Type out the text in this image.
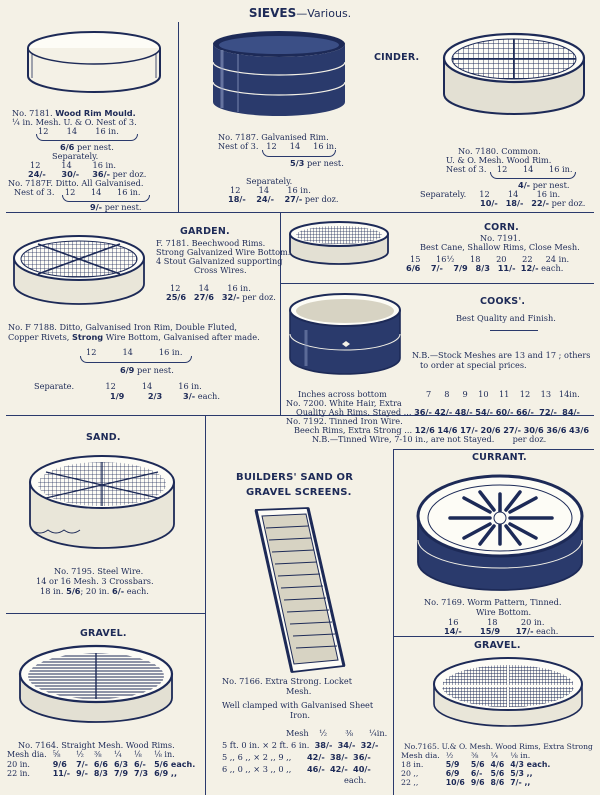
SIEVES—Various.
No. 7181. Wood Rim Mould.
¼ in. Mesh. U. & O. Nest of 3.
12 14 16 in.
6/6 per nest.
Separately.
12	14	16 in.
24/- 30/- 36/- per doz.
No. 7187F. Ditto. All Galvanised.
Nest of 3. 12 14 16 in.
9/- per nest.
No. 7187. Galvanised Rim.
Nest of 3. 12 14 16 in.
5/3 per nest.
Separately.
12 14 16 in.
18/- 24/- 27/- per doz.
CINDER.
No. 7180. Common.
U. & O. Mesh. Wood Rim.
Nest of 3. 12 14 16 in.
4/- per nest.
Separately. 12 14 16 in.
10/- 18/- 22/- per doz.
GARDEN.
F. 7181. Beechwood Rims.
Strong Galvanized Wire Bottom.
4 Stout Galvanized supporting
Cross Wires.
12 14 16 in.
25/6 27/6 32/- per doz.
No. F 7188. Ditto, Galvanised Iron Rim, Double Fluted,
Copper Rivets, Strong Wire Bottom, Galvanised after made.
12	14	16 in.
6/9 per nest.
Separate.	12	14	16 in.
1/9	2/3	3/- each.
CORN.
No. 7191.
Best Cane, Shallow Rims, Close Mesh.
15 16½ 18 20 22 24 in.
6/6 7/- 7/9 8/3 11/- 12/- each.
COOKS'.
Best Quality and Finish.
N.B.—Stock Meshes are 13 and 17 ; others
to order at special prices.
Inches across bottom	7 8 9 10 11 12 13 14in.
No. 7200. White Hair, Extra
Quality Ash Rims, Stayed ... 36/- 42/- 48/- 54/- 60/- 66/- 72/- 84/-
No. 7192. Tinned Iron Wire.
Beech Rims, Extra Strong ... 12/6 14/6 17/- 20/6 27/- 30/6 36/6 43/6
N.B.—Tinned Wire, 7-10 in., are not Stayed. per doz.
SAND.
No. 7195. Steel Wire.
14 or 16 Mesh. 3 Crossbars.
18 in. 5/6; 20 in. 6/- each.
GRAVEL.
No. 7164. Straight Mesh. Wood Rims.
Mesh dia.	⅝	½	⅜	¼	⅛	⅛ in.
20 in.	9/6	7/-	6/6	6/3	6/-	5/6 each.
22 in.	11/-	9/-	8/3	7/9	7/3	6/9 ,,
BUILDERS' SAND OR
GRAVEL SCREENS.
No. 7166. Extra Strong. Locket
Mesh.
Well clamped with Galvanised Sheet
Iron.
Mesh ½ ⅜ ¼in.
5 ft. 0 in. × 2 ft. 6 in. 38/- 34/- 32/-
5 ,, 6 ,, × 2 ,, 9 ,, 42/- 38/- 36/-
6 ,, 0 ,, × 3 ,, 0 ,, 46/- 42/- 40/-
each.
CURRANT.
No. 7169. Worm Pattern, Tinned.
Wire Bottom.
16	18	20 in.
14/- 15/9 17/- each.
GRAVEL.
No.7165. U.& O. Mesh. Wood Rims, Extra Strong
Mesh dia.	½	⅜	¼	⅛ in.
18 in.	5/9	5/6	4/6	4/3 each.
20 ,,	6/9	6/-	5/6	5/3 ,,
22 ,,	10/6	9/6	8/6	7/- ,,
